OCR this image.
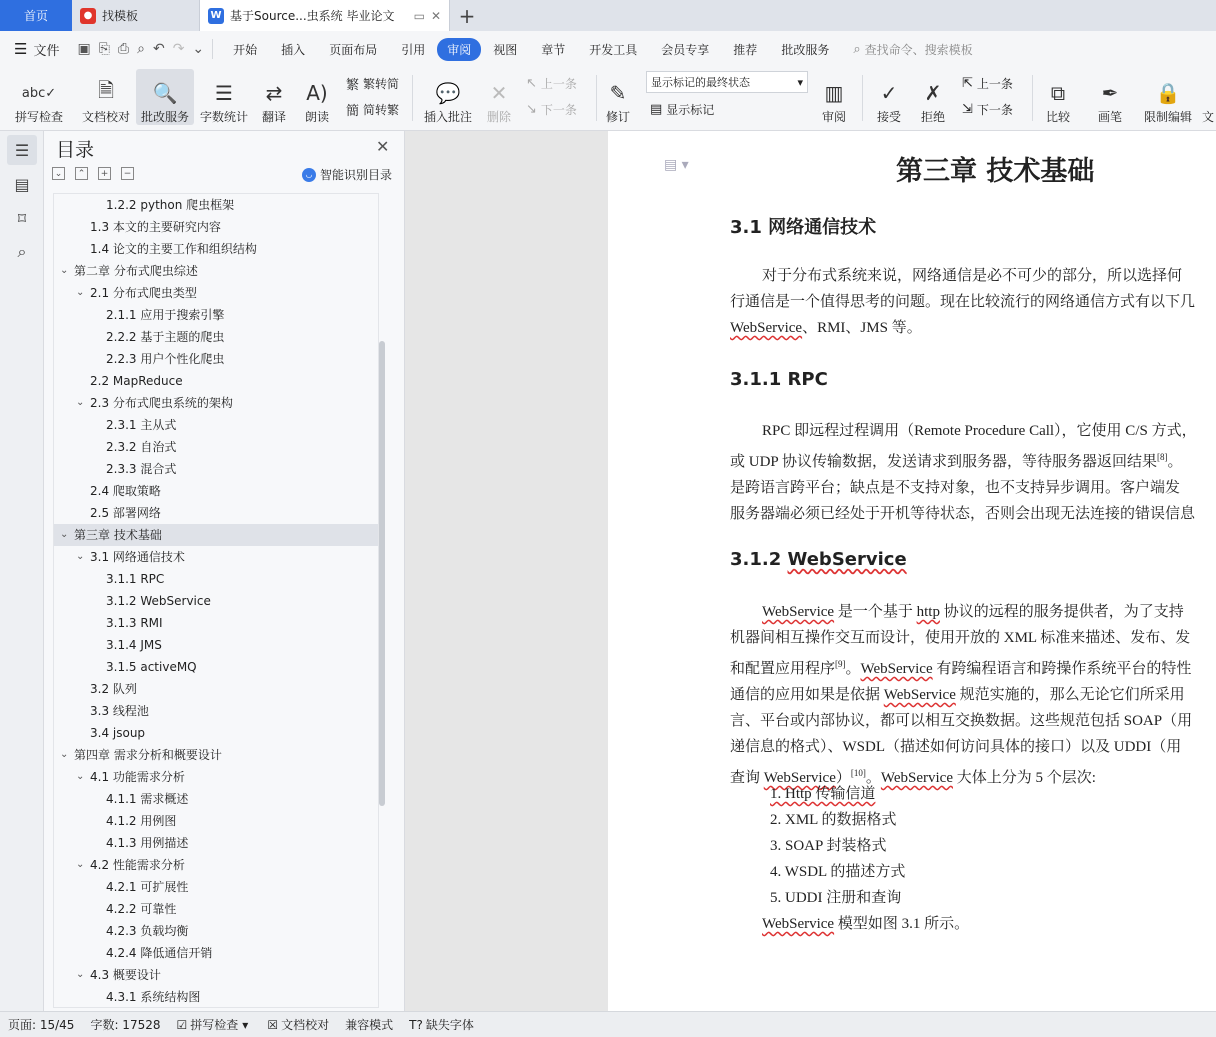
首页	● 找模板	W 基于Source...虫系统 毕业论文	▭ ✕ +
☰ 文件 ▣ ⎘ ⎙ ⌕ ↶ ↷ ⌄	开始	插入	页面布局	引用	审阅	视图	章节	开发工具	会员专享	推荐	批改服务	⌕ 查找命令、搜索模板
abc✓
拼写检查
🗎
文档校对
🔍
批改服务
☰
字数统计
⇄
翻译
A)
朗读
繁 繁转简
簡 简转繁
💬
插入批注
✕
删除
↖ 上一条
↘ 下一条
✎
修订
显示标记的最终状态	▾
▤ 显示标记
▥
审阅
✓
接受
✗
拒绝
⇱ 上一条
⇲ 下一条
⧉
比较
✒
画笔
🔒
限制编辑 文
☰
▤
⌑
⌕
目录	✕
⌄	⌃	+	−	◡ 智能识别目录
1.2.2 python 爬虫框架
1.3 本文的主要研究内容
1.4 论文的主要工作和组织结构
⌄ 第二章 分布式爬虫综述
⌄ 2.1 分布式爬虫类型
2.1.1 应用于搜索引擎
2.2.2 基于主题的爬虫
2.2.3 用户个性化爬虫
2.2 MapReduce
⌄ 2.3 分布式爬虫系统的架构
2.3.1 主从式
2.3.2 自治式
2.3.3 混合式
2.4 爬取策略
2.5 部署网络
⌄ 第三章 技术基础
⌄ 3.1 网络通信技术
3.1.1 RPC
3.1.2 WebService
3.1.3 RMI
3.1.4 JMS
3.1.5 activeMQ
3.2 队列
3.3 线程池
3.4 jsoup
⌄ 第四章 需求分析和概要设计
⌄ 4.1 功能需求分析
4.1.1 需求概述
4.1.2 用例图
4.1.3 用例描述
⌄ 4.2 性能需求分析
4.2.1 可扩展性
4.2.2 可靠性
4.2.3 负载均衡
4.2.4 降低通信开销
⌄ 4.3 概要设计
4.3.1 系统结构图
▤ ▾	第三章 技术基础
3.1 网络通信技术
对于分布式系统来说，网络通信是必不可少的部分，所以选择何
行通信是一个值得思考的问题。现在比较流行的网络通信方式有以下几
WebService、RMI、JMS 等。
3.1.1 RPC
RPC 即远程过程调用（Remote Procedure Call），它使用 C/S 方式，
或 UDP 协议传输数据，发送请求到服务器，等待服务器返回结果[8]。
是跨语言跨平台；缺点是不支持对象，也不支持异步调用。客户端发
服务器端必须已经处于开机等待状态，否则会出现无法连接的错误信息
3.1.2 WebService
WebService 是一个基于 http 协议的远程的服务提供者，为了支持
机器间相互操作交互而设计，使用开放的 XML 标准来描述、发布、发
和配置应用程序[9]。WebService 有跨编程语言和跨操作系统平台的特性
通信的应用如果是依据 WebService 规范实施的，那么无论它们所采用
言、平台或内部协议，都可以相互交换数据。这些规范包括 SOAP（用
递信息的格式）、WSDL（描述如何访问具体的接口）以及 UDDI（用
查询 WebService）[10]。WebService 大体上分为 5 个层次:
1. Http 传输信道
2. XML 的数据格式
3. SOAP 封装格式
4. WSDL 的描述方式
5. UDDI 注册和查询
WebService 模型如图 3.1 所示。
页面: 15/45	字数: 17528	☑ 拼写检查 ▾ ☒ 文档校对	兼容模式	T? 缺失字体
